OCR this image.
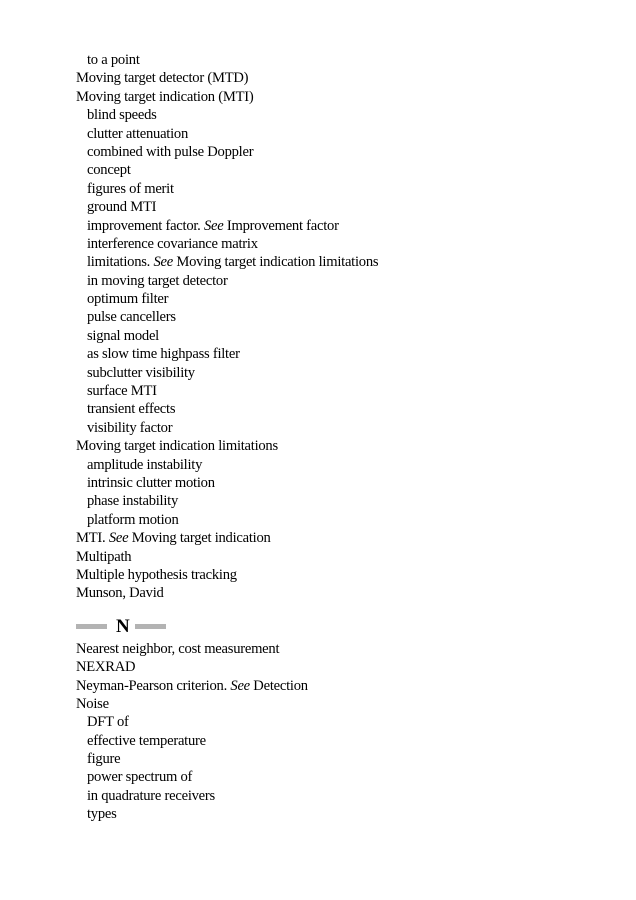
to a point
Moving target detector (MTD)
Moving target indication (MTI)
blind speeds
clutter attenuation
combined with pulse Doppler
concept
figures of merit
ground MTI
improvement factor. See Improvement factor
interference covariance matrix
limitations. See Moving target indication limitations
in moving target detector
optimum filter
pulse cancellers
signal model
as slow time highpass filter
subclutter visibility
surface MTI
transient effects
visibility factor
Moving target indication limitations
amplitude instability
intrinsic clutter motion
phase instability
platform motion
MTI. See Moving target indication
Multipath
Multiple hypothesis tracking
Munson, David
N
Nearest neighbor, cost measurement
NEXRAD
Neyman-Pearson criterion. See Detection
Noise
DFT of
effective temperature
figure
power spectrum of
in quadrature receivers
types
